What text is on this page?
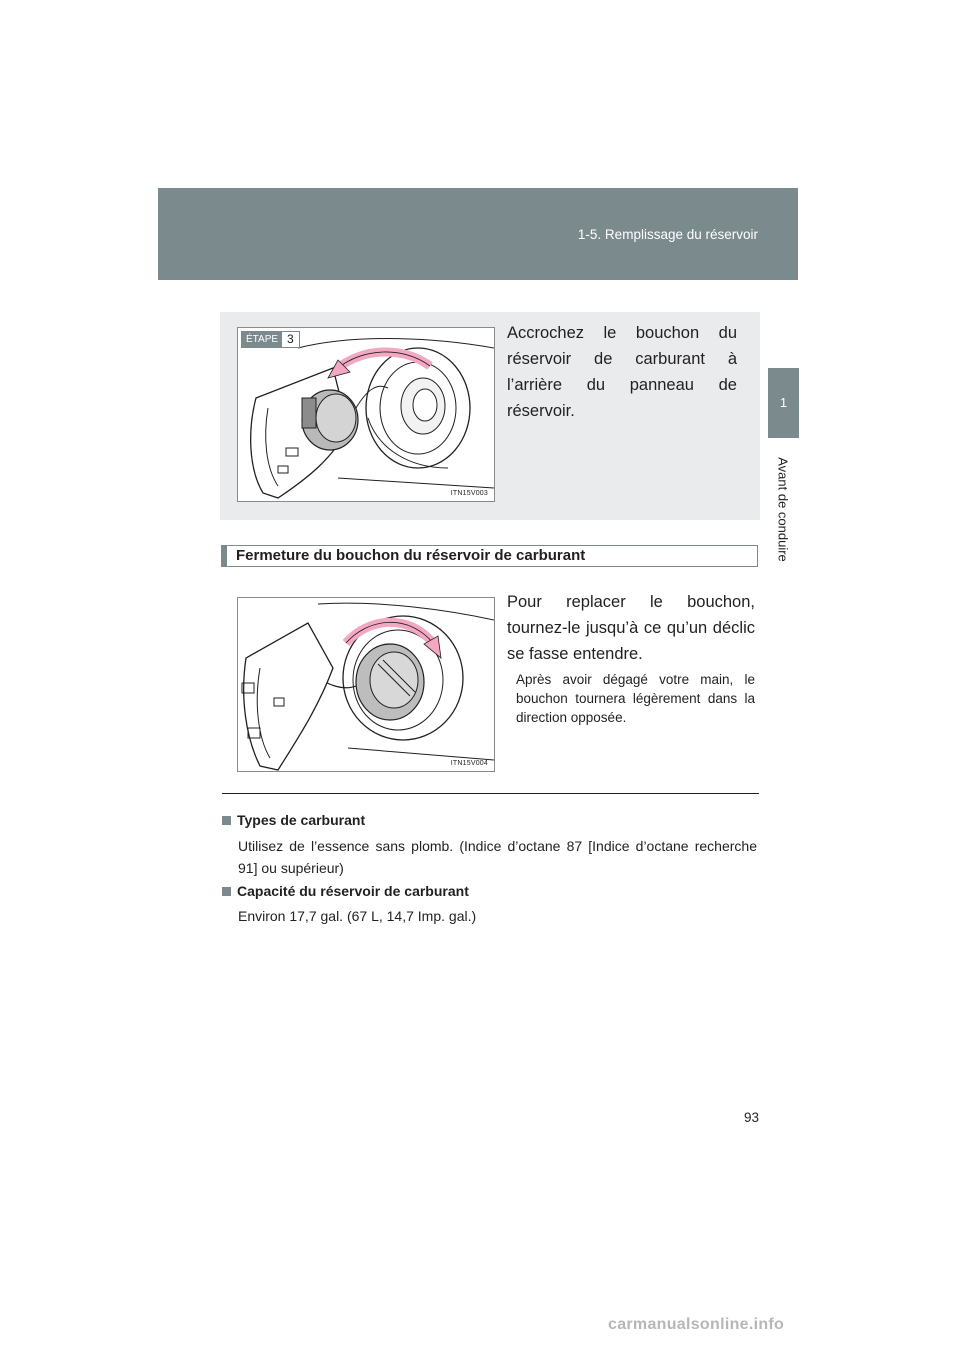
1-5. Remplissage du réservoir
1
Avant de conduire
ÉTAPE 3
ITN15V003
Accrochez le bouchon du réservoir de carburant à l’arrière du panneau de réservoir.
Fermeture du bouchon du réservoir de carburant
ITN15V004
Pour replacer le bouchon, tournez-le jusqu’à ce qu’un déclic se fasse entendre.
Après avoir dégagé votre main, le bouchon tournera légèrement dans la direction opposée.
Types de carburant
Utilisez de l’essence sans plomb. (Indice d’octane 87 [Indice d’octane recherche 91] ou supérieur)
Capacité du réservoir de carburant
Environ 17,7 gal. (67 L, 14,7 Imp. gal.)
93
carmanualsonline.info
